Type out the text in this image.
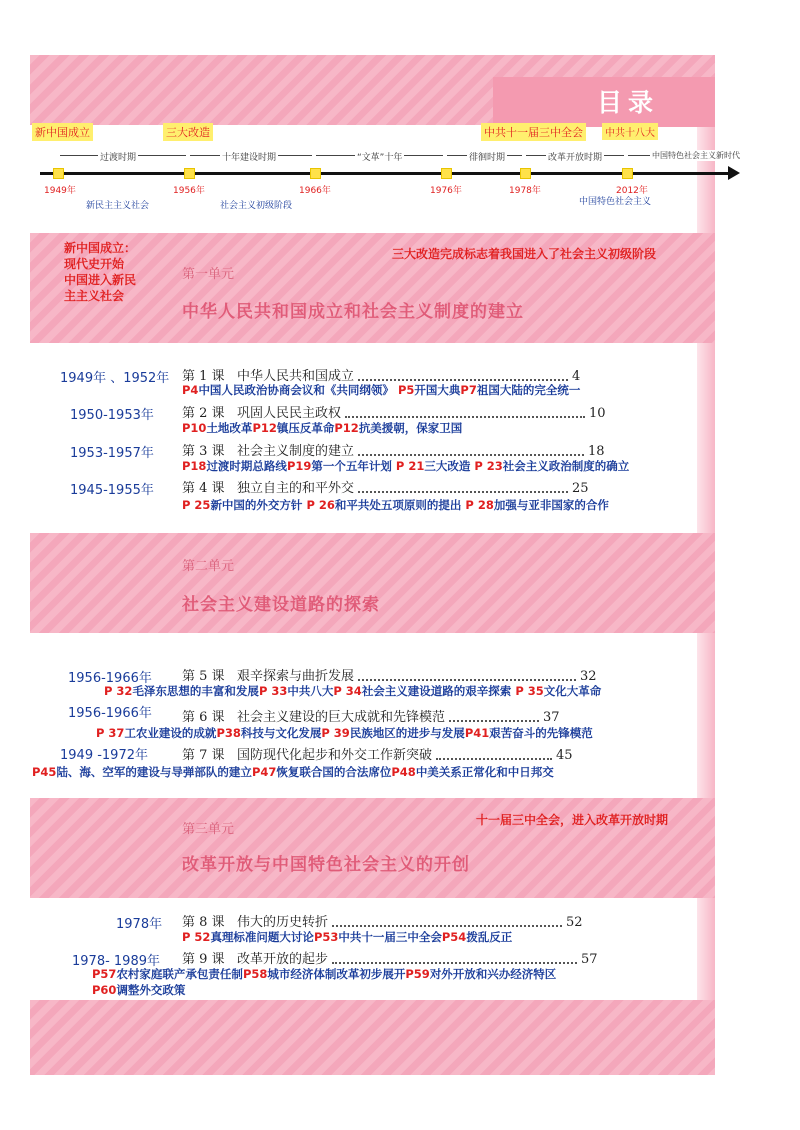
目录
新中国成立	三大改造	中共十一届三中全会	中共十八大
过渡时期	十年建设时期	“文革”十年	徘徊时期	改革开放时期	中国特色社会主义新时代
1949年	1956年	1966年	1976年	1978年	2012年
新民主主义社会	社会主义初级阶段	中国特色社会主义
新中国成立：
现代史开始
中国进入新民
主主义社会
三大改造完成标志着我国进入了社会主义初级阶段
第一单元
中华人民共和国成立和社会主义制度的建立
1949年 、1952年 第 1 课 中华人民共和国成立	4
P4中国人民政治协商会议和《共同纲领》 P5开国大典P7祖国大陆的完全统一
1950-1953年 第 2 课 巩固人民民主政权	10
P10土地改革P12镇压反革命P12抗美援朝，保家卫国
1953-1957年 第 3 课 社会主义制度的建立	18
P18过渡时期总路线P19第一个五年计划 P 21三大改造 P 23社会主义政治制度的确立
1945-1955年 第 4 课 独立自主的和平外交	25
P 25新中国的外交方针 P 26和平共处五项原则的提出 P 28加强与亚非国家的合作
第二单元
社会主义建设道路的探索
1956-1966年 第 5 课 艰辛探索与曲折发展	32
P 32毛泽东思想的丰富和发展P 33中共八大P 34社会主义建设道路的艰辛探索 P 35文化大革命
1956-1966年 第 6 课 社会主义建设的巨大成就和先锋模范	37
P 37工农业建设的成就P38科技与文化发展P 39民族地区的进步与发展P41艰苦奋斗的先锋模范
1949 -1972年	第 7 课 国防现代化起步和外交工作新突破	45
P45陆、海、空军的建设与导弹部队的建立P47恢复联合国的合法席位P48中美关系正常化和中日邦交
十一届三中全会，进入改革开放时期
第三单元
改革开放与中国特色社会主义的开创
1978年 第 8 课 伟大的历史转折	52
P 52真理标准问题大讨论P53中共十一届三中全会P54拨乱反正
1978- 1989年 第 9 课 改革开放的起步	57
P57农村家庭联产承包责任制P58城市经济体制改革初步展开P59对外开放和兴办经济特区
P60调整外交政策
